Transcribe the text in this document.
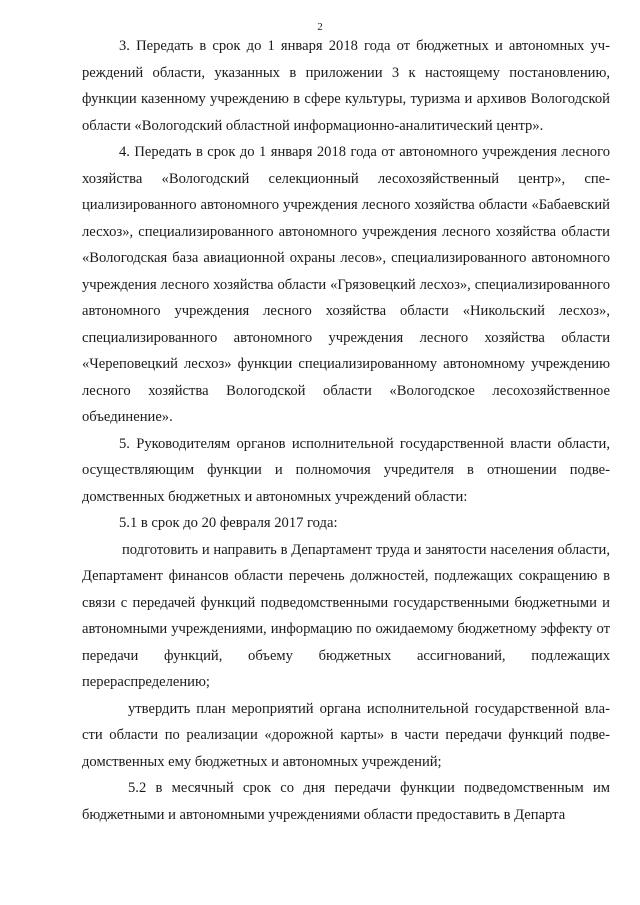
2

3. Передать в срок до 1 января 2018 года от бюджетных и автономных учреждений области, указанных в приложении 3 к настоящему постановлению, функции казенному учреждению в сфере культуры, туризма и архивов Вологодской области «Вологодский областной информационно-аналитический центр».

4. Передать в срок до 1 января 2018 года от автономного учреждения лесного хозяйства «Вологодский селекционный лесохозяйственный центр», специализированного автономного учреждения лесного хозяйства области «Бабаевский лесхоз», специализированного автономного учреждения лесного хозяйства области «Вологодская база авиационной охраны лесов», специализированного автономного учреждения лесного хозяйства области «Грязовецкий лесхоз», специализированного автономного учреждения лесного хозяйства области «Никольский лесхоз», специализированного автономного учреждения лесного хозяйства области «Череповецкий лесхоз» функции специализированному автономному учреждению лесного хозяйства Вологодской области «Вологодское лесохозяйственное объединение».

5. Руководителям органов исполнительной государственной власти области, осуществляющим функции и полномочия учредителя в отношении подведомственных бюджетных и автономных учреждений области:

5.1 в срок до 20 февраля 2017 года:

подготовить и направить в Департамент труда и занятости населения области, Департамент финансов области перечень должностей, подлежащих сокращению в связи с передачей функций подведомственными государственными бюджетными и автономными учреждениями, информацию по ожидаемому бюджетному эффекту от передачи функций, объему бюджетных ассигнований, подлежащих перераспределению;

утвердить план мероприятий органа исполнительной государственной власти области по реализации «дорожной карты» в части передачи функций подведомственных ему бюджетных и автономных учреждений;

5.2 в месячный срок со дня передачи функции подведомственным им бюджетными и автономными учреждениями области предоставить в Департа
